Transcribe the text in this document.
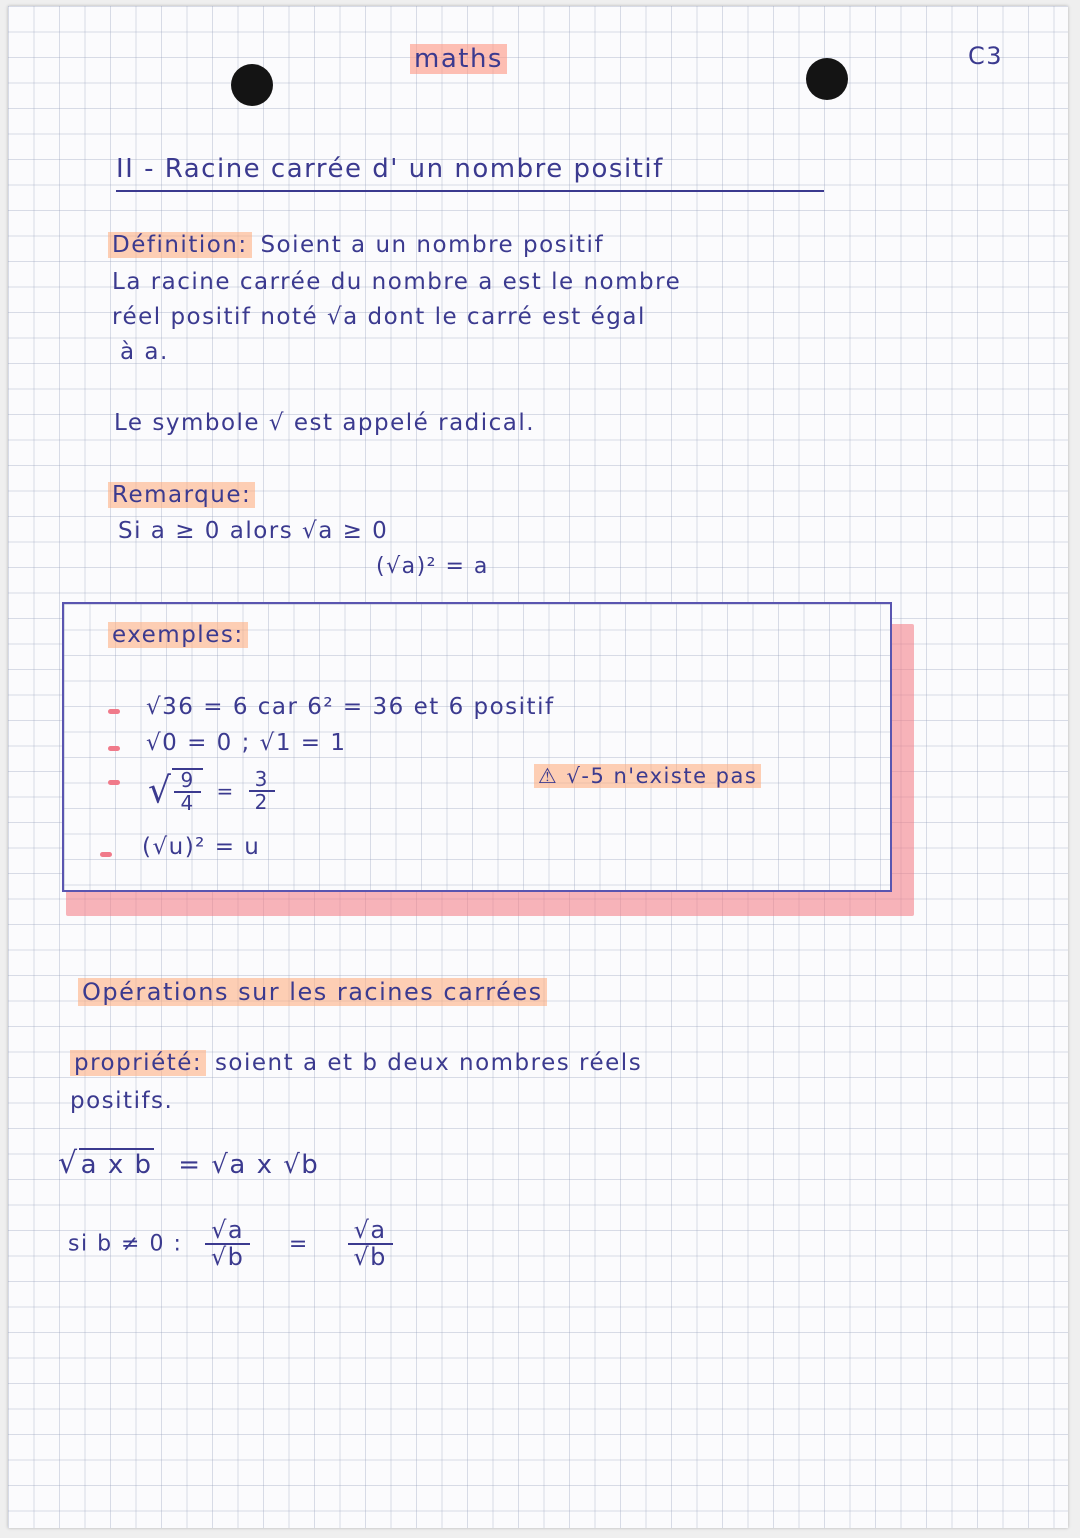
maths	C3
II - Racine carrée d' un nombre positif
Définition: Soient a un nombre positif
La racine carrée du nombre a est le nombre
réel positif noté √a dont le carré est égal
à a.
Le symbole √ est appelé radical.
Remarque:
Si a ≥ 0 alors √a ≥ 0
(√a)² = a
exemples:
√36 = 6 car 6² = 36 et 6 positif
√0 = 0 ; √1 = 1
√ $\frac{9}{4} = \frac{3}{2}$
(√u)² = u
⚠ √-5 n'existe pas
Opérations sur les racines carrées
propriété: soient a et b deux nombres réels
positifs.
√a x b = √a x √b
si b ≠ 0 : $\frac{√a}{√b} = \frac{√a}{√b}$
